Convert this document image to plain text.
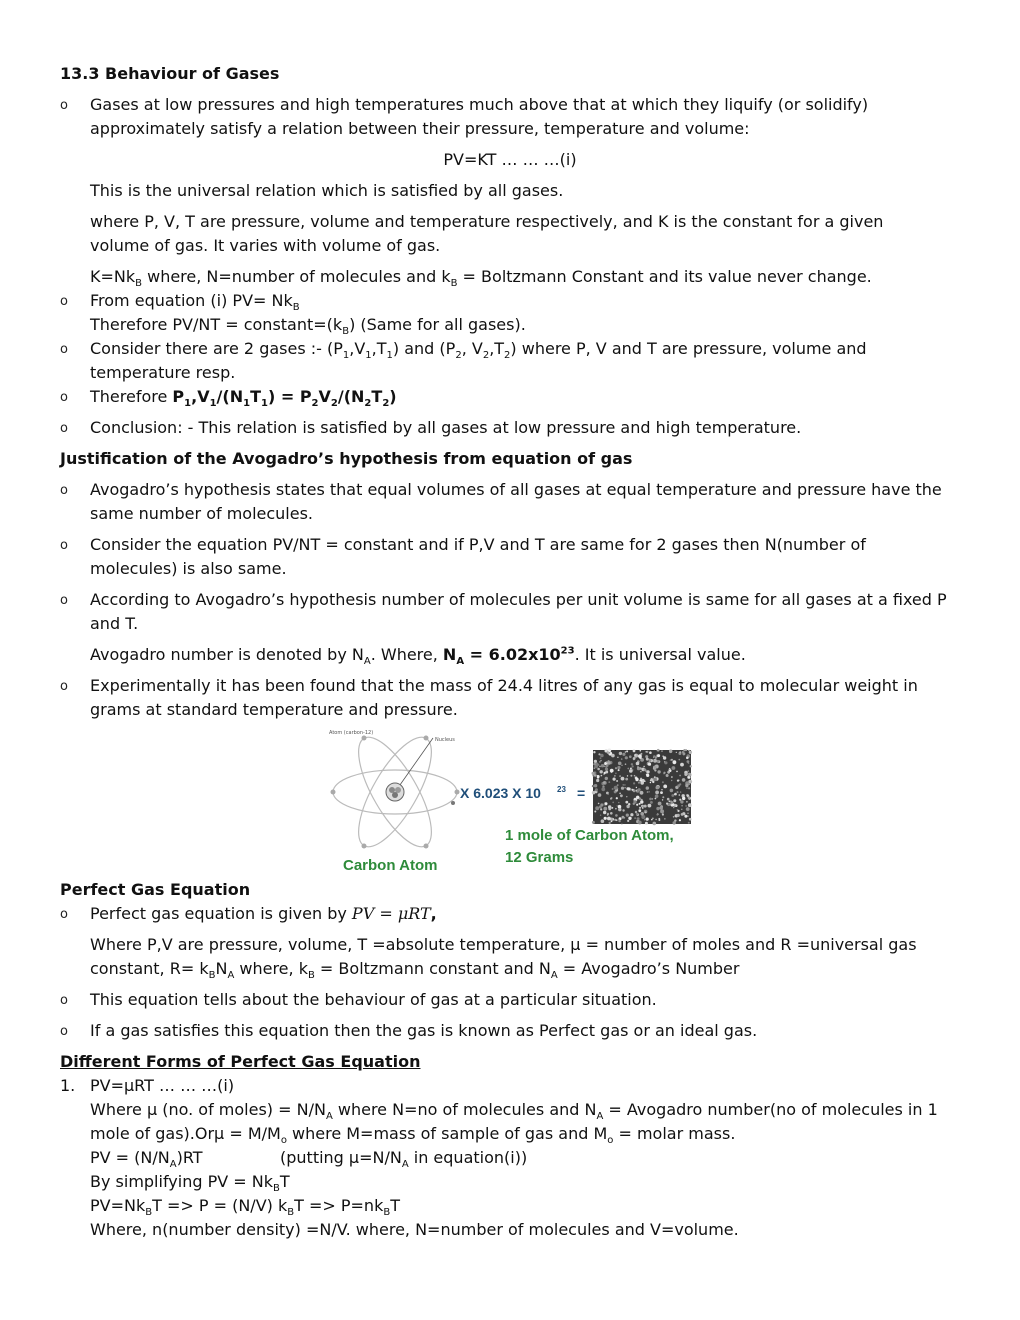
13.3 Behaviour of Gases
o Gases at low pressures and high temperatures much above that at which they liquify (or solidify)
approximately satisfy a relation between their pressure, temperature and volume:
PV=KT … … …(i)
This is the universal relation which is satisfied by all gases.
where P, V, T are pressure, volume and temperature respectively, and K is the constant for a given
volume of gas. It varies with volume of gas.
$K=Nk_B$ where, N=number of molecules and $k_B$ = Boltzmann Constant and its value never change.
o From equation (i) $PV= Nk_B$
Therefore $PV/NT = constant=(k_B)$ (Same for all gases).
o Consider there are 2 gases :- $(P_1,V_1,T_1)$ and ($P_2$, $V_2,T_2$) where P, V and T are pressure, volume and
temperature resp.
o Therefore $P_1,V_1/(N_1T_1) = P_2V_2/(N_2T_2)$
o Conclusion: - This relation is satisfied by all gases at low pressure and high temperature.
Justification of the Avogadro’s hypothesis from equation of gas
o Avogadro’s hypothesis states that equal volumes of all gases at equal temperature and pressure have the
same number of molecules.
o Consider the equation PV/NT = constant and if P,V and T are same for 2 gases then N(number of
molecules) is also same.
o According to Avogadro’s hypothesis number of molecules per unit volume is same for all gases at a fixed P
and T.
Avogadro number is denoted by $N_A$. Where, $N_A = 6.02x10^{23}$. It is universal value.
o Experimentally it has been found that the mass of 24.4 litres of any gas is equal to molecular weight in
grams at standard temperature and pressure.
Atom (carbon-12)
Nucleus
X 6.023 X 10 23 =
Carbon Atom
1 mole of Carbon Atom,
12 Grams
Perfect Gas Equation
o Perfect gas equation is given by PV = μRT,
Where P,V are pressure, volume, T =absolute temperature, μ = number of moles and R =universal gas
constant, $R= k_BN_A$ where, $k_B$ = Boltzmann constant and $N_A$ = Avogadro’s Number
o This equation tells about the behaviour of gas at a particular situation.
o If a gas satisfies this equation then the gas is known as Perfect gas or an ideal gas.
Different Forms of Perfect Gas Equation
1. PV=μRT … … …(i)
Where μ (no. of moles) = $N/N_A$ where N=no of molecules and $N_A$ = Avogadro number(no of molecules in 1
mole of $gas).Or\mu = M/M_o$ where M=mass of sample of gas and $M_o$ = molar mass.
PV = $(N/N_A)RT$	(putting $\mu=N/N_A$ in equation(i))
By simplifying PV = $Nk_BT$
$PV=Nk_BT => P = (N/V) k_BT => P=nk_BT$
Where, n(number density) =N/V. where, N=number of molecules and V=volume.
